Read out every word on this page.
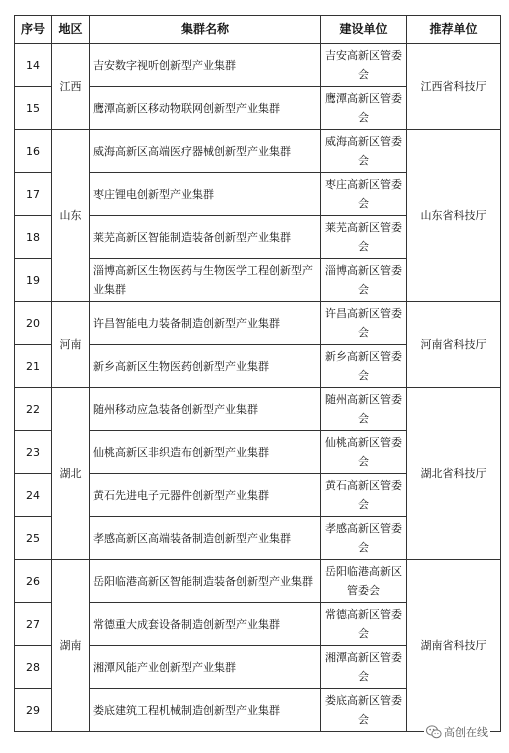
序号	地区	集群名称	建设单位	推荐单位
14	江西	吉安数字视听创新型产业集群	吉安高新区管委会	江西省科技厅
15		鹰潭高新区移动物联网创新型产业集群	鹰潭高新区管委会	
16	山东	威海高新区高端医疗器械创新型产业集群	威海高新区管委会	山东省科技厅
17		枣庄锂电创新型产业集群	枣庄高新区管委会	
18		莱芜高新区智能制造装备创新型产业集群	莱芜高新区管委会	
19		淄博高新区生物医药与生物医学工程创新型产业集群	淄博高新区管委会	
20	河南	许昌智能电力装备制造创新型产业集群	许昌高新区管委会	河南省科技厅
21		新乡高新区生物医药创新型产业集群	新乡高新区管委会	
22	湖北	随州移动应急装备创新型产业集群	随州高新区管委会	湖北省科技厅
23		仙桃高新区非织造布创新型产业集群	仙桃高新区管委会	
24		黄石先进电子元器件创新型产业集群	黄石高新区管委会	
25		孝感高新区高端装备制造创新型产业集群	孝感高新区管委会	
26	湖南	岳阳临港高新区智能制造装备创新型产业集群	岳阳临港高新区管委会	湖南省科技厅
27		常德重大成套设备制造创新型产业集群	常德高新区管委会	
28		湘潭风能产业创新型产业集群	湘潭高新区管委会	
29		娄底建筑工程机械制造创新型产业集群	娄底高新区管委会	
高创在线
